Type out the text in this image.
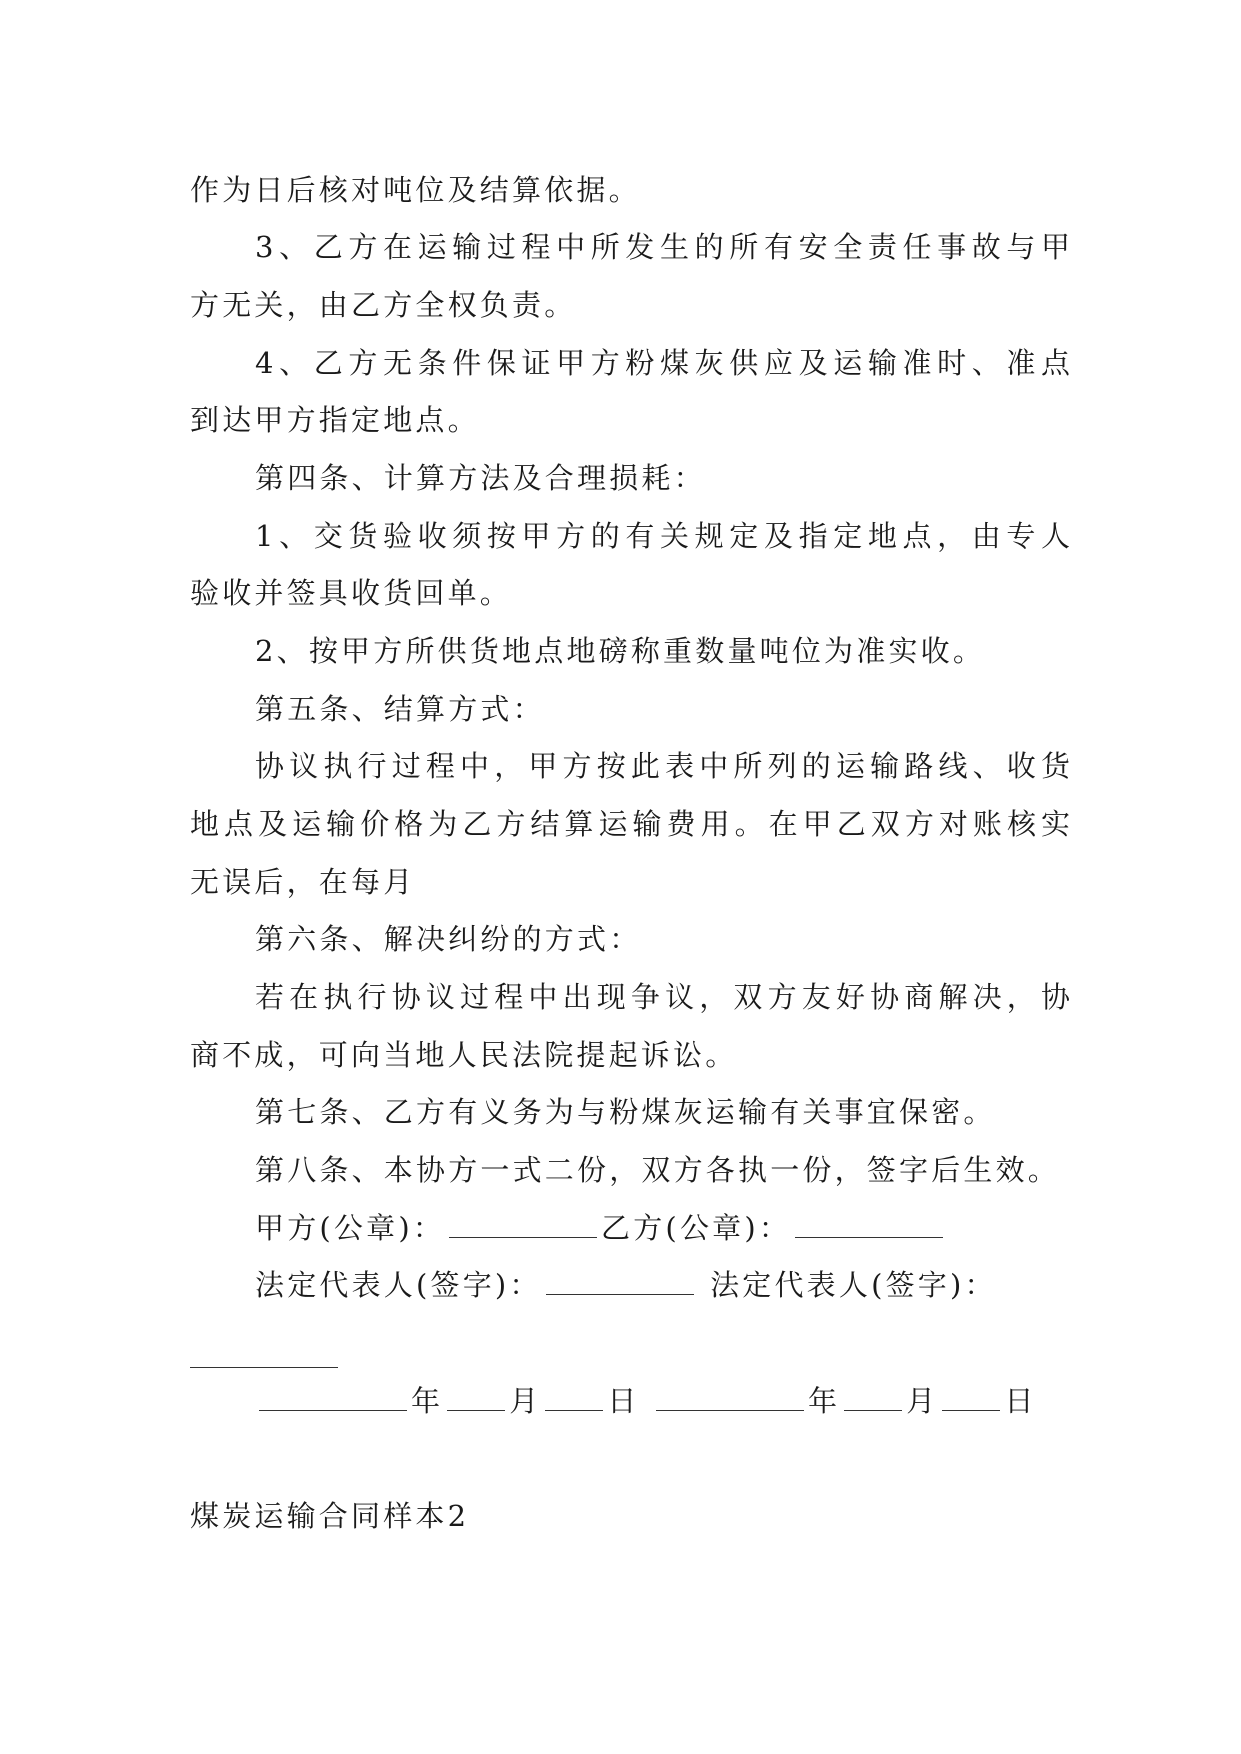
作为日后核对吨位及结算依据。
3、乙方在运输过程中所发生的所有安全责任事故与甲
方无关，由乙方全权负责。
4、乙方无条件保证甲方粉煤灰供应及运输准时、准点
到达甲方指定地点。
第四条、计算方法及合理损耗：
1、交货验收须按甲方的有关规定及指定地点，由专人
验收并签具收货回单。
2、按甲方所供货地点地磅称重数量吨位为准实收。
第五条、结算方式：
协议执行过程中，甲方按此表中所列的运输路线、收货
地点及运输价格为乙方结算运输费用。在甲乙双方对账核实
无误后，在每月
第六条、解决纠纷的方式：
若在执行协议过程中出现争议，双方友好协商解决，协
商不成，可向当地人民法院提起诉讼。
第七条、乙方有义务为与粉煤灰运输有关事宜保密。
第八条、本协方一式二份，双方各执一份，签字后生效。
甲方(公章)：	乙方(公章)：
法定代表人(签字)：	法定代表人(签字)：
年 月 日	年 月 日
煤炭运输合同样本2
